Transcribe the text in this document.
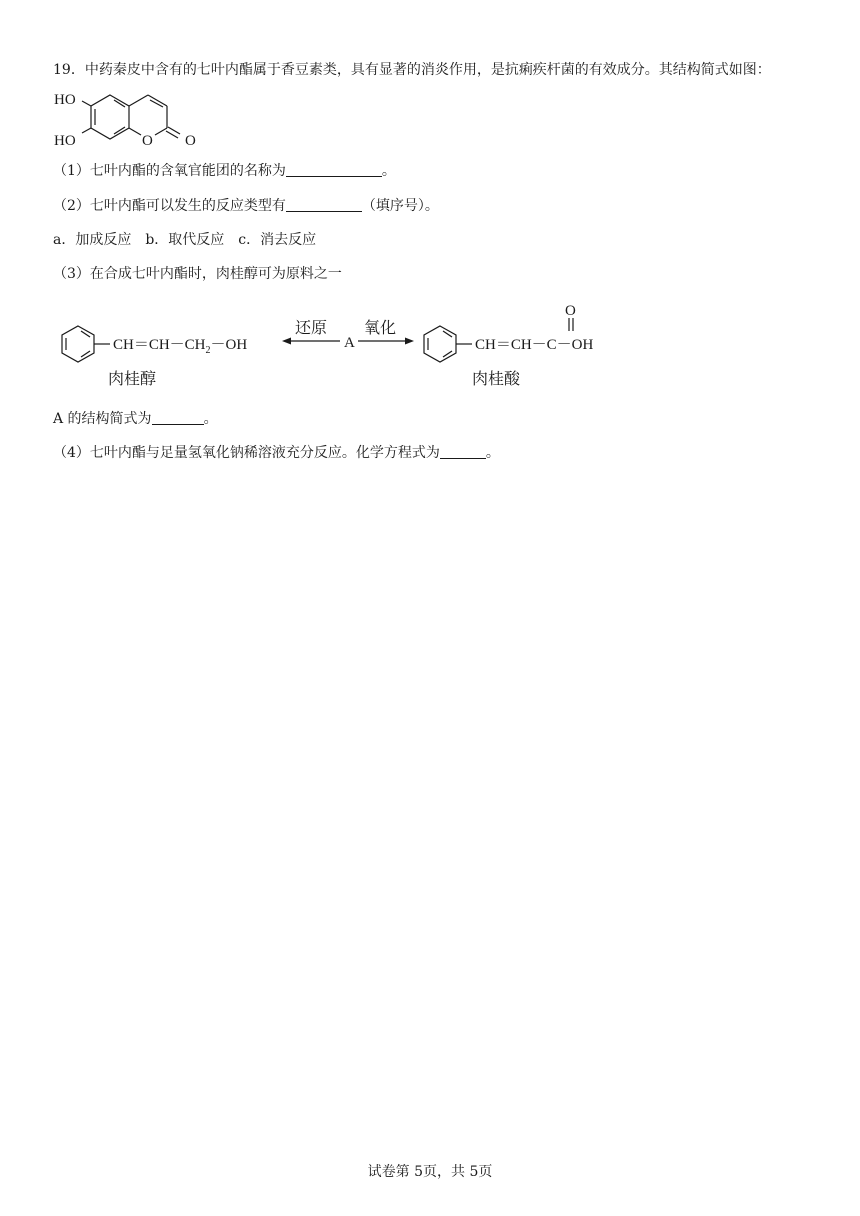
19．中药秦皮中含有的七叶内酯属于香豆素类，具有显著的消炎作用，是抗痢疾杆菌的有效成分。其结构简式如图：
HO
HO	O O
（1）七叶内酯的含氧官能团的名称为	。
（2）七叶内酯可以发生的反应类型有	（填序号）。
a．加成反应　b．取代反应　c．消去反应
（3）在合成七叶内酯时，肉桂醇可为原料之一
$CH=CH-CH_2-OH$
还原
A
氧化
CH＝CH－C－OH
O
肉桂醇	肉桂酸
A 的结构简式为	。
（4）七叶内酯与足量氢氧化钠稀溶液充分反应。化学方程式为	。
试卷第 5页，共 5页
